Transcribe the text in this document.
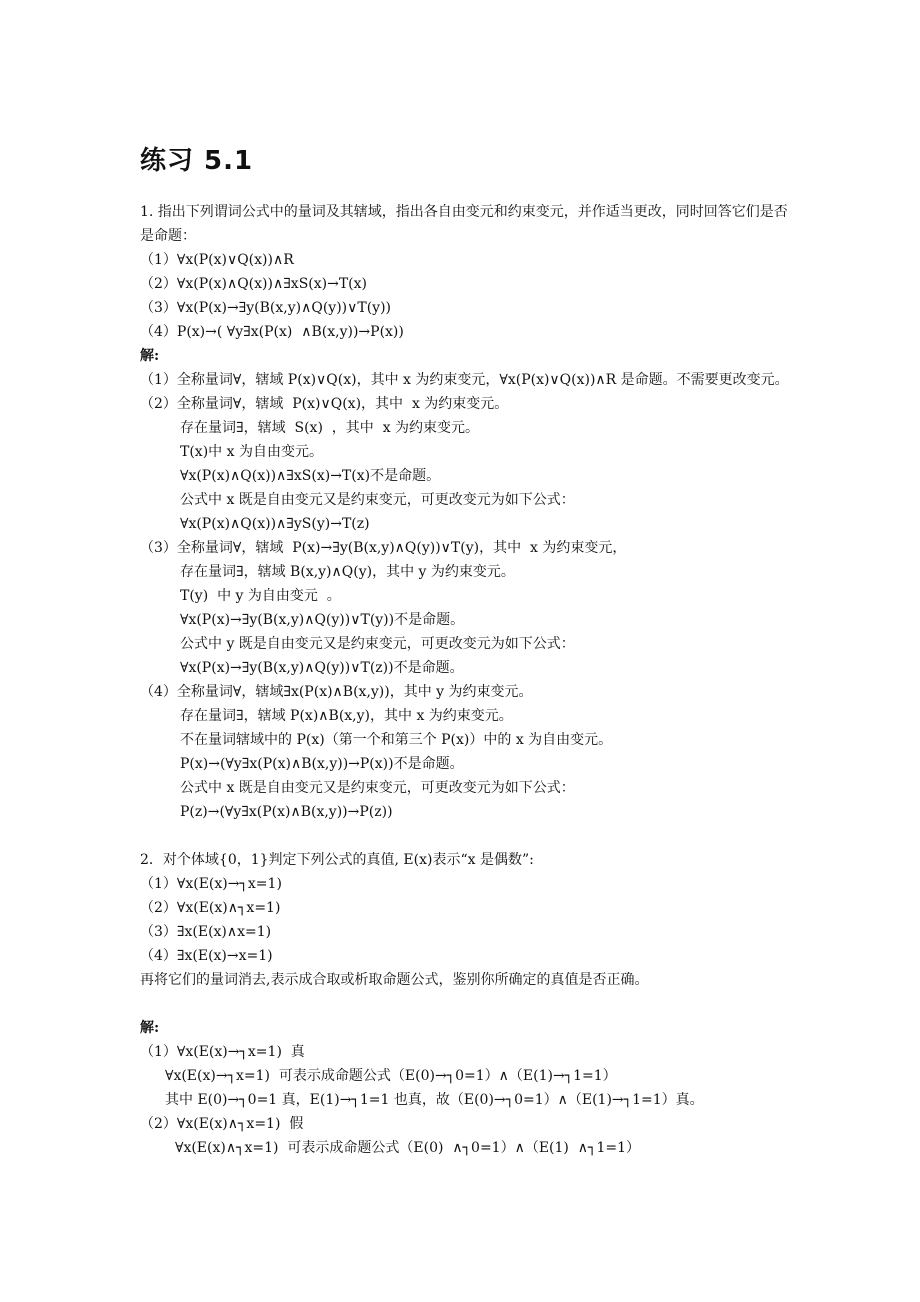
练习 5.1
1. 指出下列谓词公式中的量词及其辖域，指出各自由变元和约束变元，并作适当更改，同时回答它们是否是命题：
（1）∀x(P(x)∨Q(x))∧R
（2）∀x(P(x)∧Q(x))∧∃xS(x)→T(x)
（3）∀x(P(x)→∃y(B(x,y)∧Q(y))∨T(y))
（4）P(x)→( ∀y∃x(P(x)  ∧B(x,y))→P(x))
解:
（1）全称量词∀，辖域 P(x)∨Q(x)，其中 x 为约束变元，∀x(P(x)∨Q(x))∧R 是命题。不需要更改变元。
（2）全称量词∀，辖域  P(x)∨Q(x)，其中  x 为约束变元。
存在量词∃，辖域  S(x)  ，其中  x 为约束变元。
T(x)中 x 为自由变元。
∀x(P(x)∧Q(x))∧∃xS(x)→T(x)不是命题。
公式中 x 既是自由变元又是约束变元，可更改变元为如下公式：
∀x(P(x)∧Q(x))∧∃yS(y)→T(z)
（3）全称量词∀，辖域  P(x)→∃y(B(x,y)∧Q(y))∨T(y)，其中  x 为约束变元，
存在量词∃，辖域 B(x,y)∧Q(y)，其中 y 为约束变元。
T(y)  中 y 为自由变元  。
∀x(P(x)→∃y(B(x,y)∧Q(y))∨T(y))不是命题。
公式中 y 既是自由变元又是约束变元，可更改变元为如下公式：
∀x(P(x)→∃y(B(x,y)∧Q(y))∨T(z))不是命题。
（4）全称量词∀，辖域∃x(P(x)∧B(x,y))，其中 y 为约束变元。
存在量词∃，辖域 P(x)∧B(x,y)，其中 x 为约束变元。
不在量词辖域中的 P(x)（第一个和第三个 P(x)）中的 x 为自由变元。
P(x)→(∀y∃x(P(x)∧B(x,y))→P(x))不是命题。
公式中 x 既是自由变元又是约束变元，可更改变元为如下公式：
P(z)→(∀y∃x(P(x)∧B(x,y))→P(z))
2．对个体域{0，1}判定下列公式的真值, E(x)表示“x 是偶数”:
（1）∀x(E(x)→┐x=1)
（2）∀x(E(x)∧┐x=1)
（3）∃x(E(x)∧x=1)
（4）∃x(E(x)→x=1)
再将它们的量词消去,表示成合取或析取命题公式，鉴别你所确定的真值是否正确。
解:
（1）∀x(E(x)→┐x=1)  真
∀x(E(x)→┐x=1)  可表示成命题公式（E(0)→┐0=1）∧（E(1)→┐1=1）
其中 E(0)→┐0=1 真，E(1)→┐1=1 也真，故（E(0)→┐0=1）∧（E(1)→┐1=1）真。
（2）∀x(E(x)∧┐x=1)  假
∀x(E(x)∧┐x=1)  可表示成命题公式（E(0)  ∧┐0=1）∧（E(1)  ∧┐1=1）
